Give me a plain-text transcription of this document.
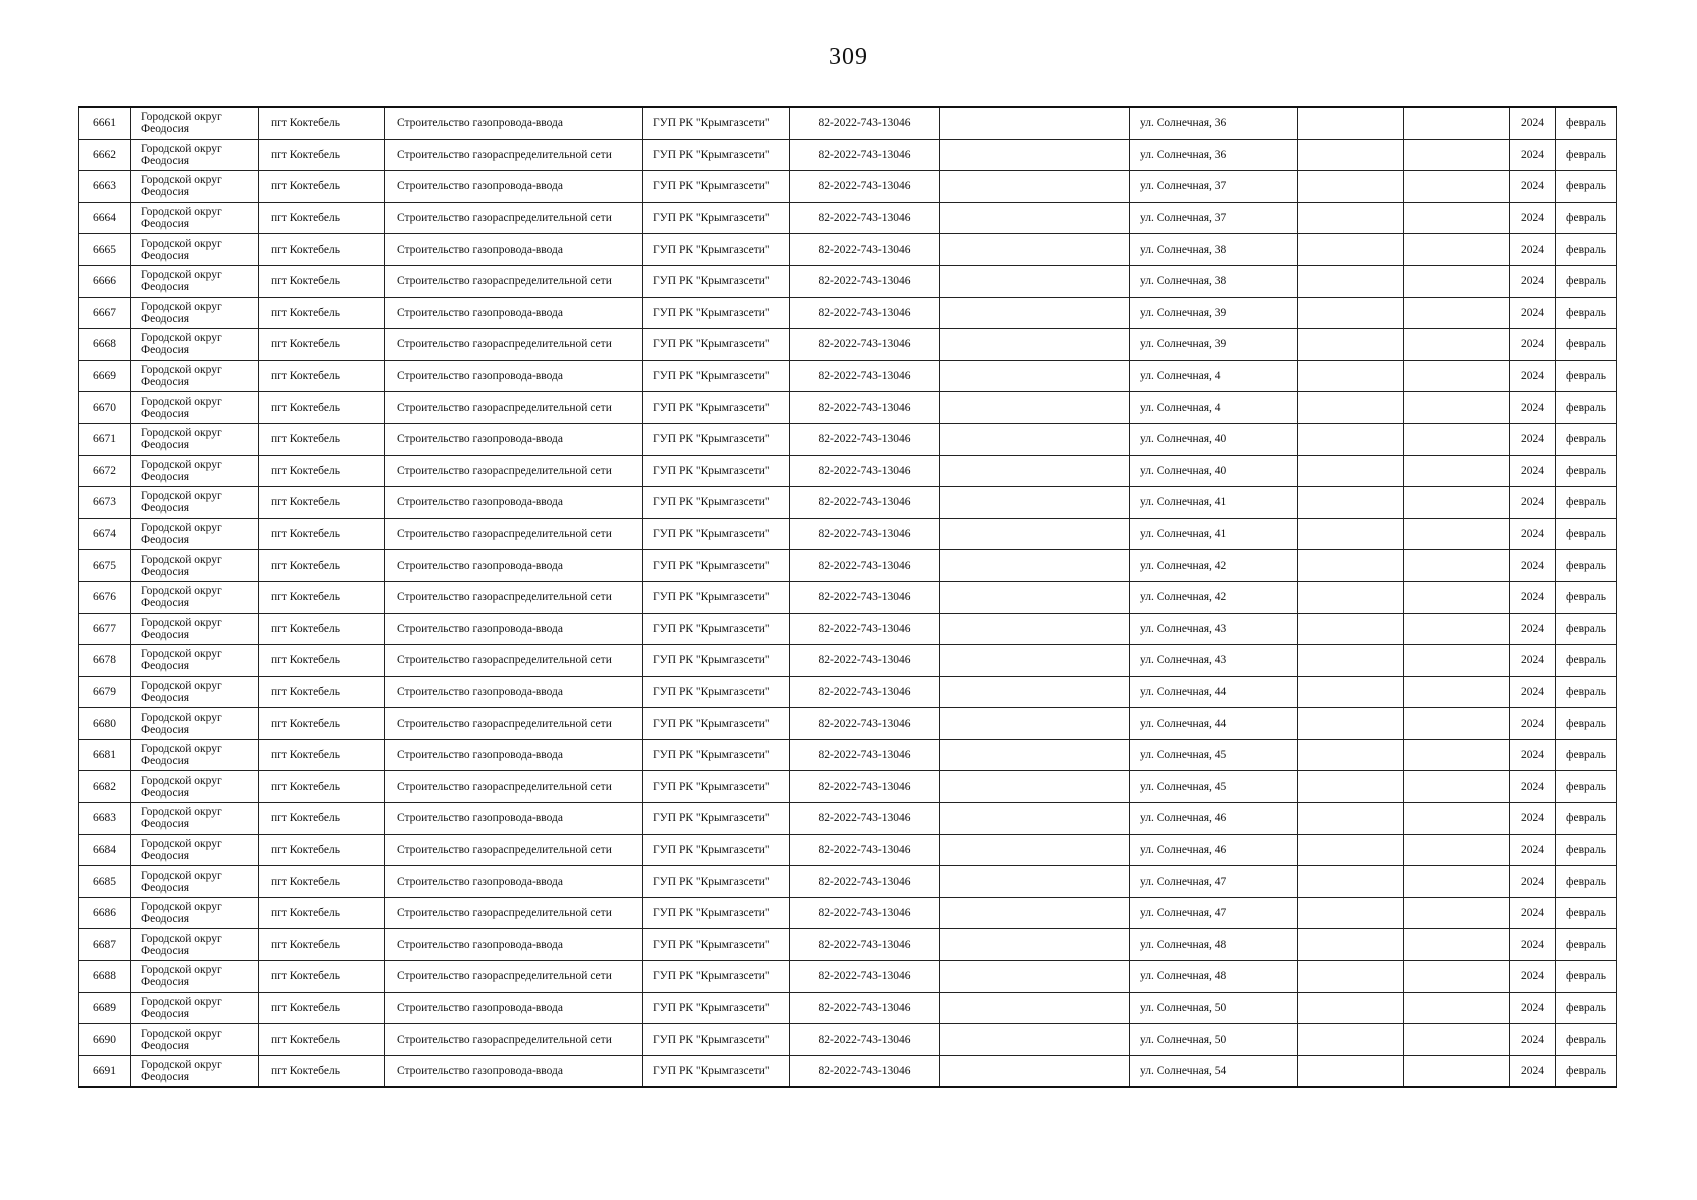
309
6661	Городской округ Феодосия	пгт Коктебель	Строительство газопровода-ввода	ГУП РК "Крымгазсети"	82-2022-743-13046		ул. Солнечная, 36			2024	февраль
6662	Городской округ Феодосия	пгт Коктебель	Строительство газораспределительной сети	ГУП РК "Крымгазсети"	82-2022-743-13046		ул. Солнечная, 36			2024	февраль
6663	Городской округ Феодосия	пгт Коктебель	Строительство газопровода-ввода	ГУП РК "Крымгазсети"	82-2022-743-13046		ул. Солнечная, 37			2024	февраль
6664	Городской округ Феодосия	пгт Коктебель	Строительство газораспределительной сети	ГУП РК "Крымгазсети"	82-2022-743-13046		ул. Солнечная, 37			2024	февраль
6665	Городской округ Феодосия	пгт Коктебель	Строительство газопровода-ввода	ГУП РК "Крымгазсети"	82-2022-743-13046		ул. Солнечная, 38			2024	февраль
6666	Городской округ Феодосия	пгт Коктебель	Строительство газораспределительной сети	ГУП РК "Крымгазсети"	82-2022-743-13046		ул. Солнечная, 38			2024	февраль
6667	Городской округ Феодосия	пгт Коктебель	Строительство газопровода-ввода	ГУП РК "Крымгазсети"	82-2022-743-13046		ул. Солнечная, 39			2024	февраль
6668	Городской округ Феодосия	пгт Коктебель	Строительство газораспределительной сети	ГУП РК "Крымгазсети"	82-2022-743-13046		ул. Солнечная, 39			2024	февраль
6669	Городской округ Феодосия	пгт Коктебель	Строительство газопровода-ввода	ГУП РК "Крымгазсети"	82-2022-743-13046		ул. Солнечная, 4			2024	февраль
6670	Городской округ Феодосия	пгт Коктебель	Строительство газораспределительной сети	ГУП РК "Крымгазсети"	82-2022-743-13046		ул. Солнечная, 4			2024	февраль
6671	Городской округ Феодосия	пгт Коктебель	Строительство газопровода-ввода	ГУП РК "Крымгазсети"	82-2022-743-13046		ул. Солнечная, 40			2024	февраль
6672	Городской округ Феодосия	пгт Коктебель	Строительство газораспределительной сети	ГУП РК "Крымгазсети"	82-2022-743-13046		ул. Солнечная, 40			2024	февраль
6673	Городской округ Феодосия	пгт Коктебель	Строительство газопровода-ввода	ГУП РК "Крымгазсети"	82-2022-743-13046		ул. Солнечная, 41			2024	февраль
6674	Городской округ Феодосия	пгт Коктебель	Строительство газораспределительной сети	ГУП РК "Крымгазсети"	82-2022-743-13046		ул. Солнечная, 41			2024	февраль
6675	Городской округ Феодосия	пгт Коктебель	Строительство газопровода-ввода	ГУП РК "Крымгазсети"	82-2022-743-13046		ул. Солнечная, 42			2024	февраль
6676	Городской округ Феодосия	пгт Коктебель	Строительство газораспределительной сети	ГУП РК "Крымгазсети"	82-2022-743-13046		ул. Солнечная, 42			2024	февраль
6677	Городской округ Феодосия	пгт Коктебель	Строительство газопровода-ввода	ГУП РК "Крымгазсети"	82-2022-743-13046		ул. Солнечная, 43			2024	февраль
6678	Городской округ Феодосия	пгт Коктебель	Строительство газораспределительной сети	ГУП РК "Крымгазсети"	82-2022-743-13046		ул. Солнечная, 43			2024	февраль
6679	Городской округ Феодосия	пгт Коктебель	Строительство газопровода-ввода	ГУП РК "Крымгазсети"	82-2022-743-13046		ул. Солнечная, 44			2024	февраль
6680	Городской округ Феодосия	пгт Коктебель	Строительство газораспределительной сети	ГУП РК "Крымгазсети"	82-2022-743-13046		ул. Солнечная, 44			2024	февраль
6681	Городской округ Феодосия	пгт Коктебель	Строительство газопровода-ввода	ГУП РК "Крымгазсети"	82-2022-743-13046		ул. Солнечная, 45			2024	февраль
6682	Городской округ Феодосия	пгт Коктебель	Строительство газораспределительной сети	ГУП РК "Крымгазсети"	82-2022-743-13046		ул. Солнечная, 45			2024	февраль
6683	Городской округ Феодосия	пгт Коктебель	Строительство газопровода-ввода	ГУП РК "Крымгазсети"	82-2022-743-13046		ул. Солнечная, 46			2024	февраль
6684	Городской округ Феодосия	пгт Коктебель	Строительство газораспределительной сети	ГУП РК "Крымгазсети"	82-2022-743-13046		ул. Солнечная, 46			2024	февраль
6685	Городской округ Феодосия	пгт Коктебель	Строительство газопровода-ввода	ГУП РК "Крымгазсети"	82-2022-743-13046		ул. Солнечная, 47			2024	февраль
6686	Городской округ Феодосия	пгт Коктебель	Строительство газораспределительной сети	ГУП РК "Крымгазсети"	82-2022-743-13046		ул. Солнечная, 47			2024	февраль
6687	Городской округ Феодосия	пгт Коктебель	Строительство газопровода-ввода	ГУП РК "Крымгазсети"	82-2022-743-13046		ул. Солнечная, 48			2024	февраль
6688	Городской округ Феодосия	пгт Коктебель	Строительство газораспределительной сети	ГУП РК "Крымгазсети"	82-2022-743-13046		ул. Солнечная, 48			2024	февраль
6689	Городской округ Феодосия	пгт Коктебель	Строительство газопровода-ввода	ГУП РК "Крымгазсети"	82-2022-743-13046		ул. Солнечная, 50			2024	февраль
6690	Городской округ Феодосия	пгт Коктебель	Строительство газораспределительной сети	ГУП РК "Крымгазсети"	82-2022-743-13046		ул. Солнечная, 50			2024	февраль
6691	Городской округ Феодосия	пгт Коктебель	Строительство газопровода-ввода	ГУП РК "Крымгазсети"	82-2022-743-13046		ул. Солнечная, 54			2024	февраль
